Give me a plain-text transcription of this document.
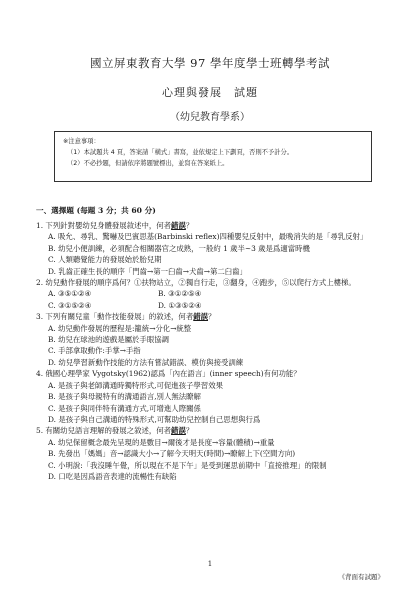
國立屏東教育大學 97 學年度學士班轉學考試
心理與發展　試題
（幼兒教育學系）
※注意事項：
（1）本試題共 4 頁，答案請「橫式」書寫，並依規定上下劃頁，否則不予計分。
（2）不必抄題，但請依序將題號標出，並寫在答案紙上。
一、選擇題 (每題 3 分；共 60 分)
1. 下列針對嬰幼兒身體發展敘述中，何者錯誤？
A. 吸允、尋乳、驚嚇及巴賓思基(Barbinski reflex)四種嬰兒反射中，最晚消失的是「尋乳反射」
B. 幼兒小便訓練，必須配合相關器官之成熟，一般約 1 歲半~3 歲是爲適當時機
C. 人類聽覺能力的發展始於胎兒期
D. 乳齒正確生長的順序「門齒→第一臼齒→犬齒→第二臼齒」
2. 幼兒動作發展的順序爲何？①扶物站立，②獨自行走，③翻身，④跑步，⑤以爬行方式上樓梯。
A. ③⑤①②④	B. ③①②⑤④
C. ③①⑤②④	D. ①③⑤②④
3. 下列有關兒童「動作技能發展」的敘述，何者錯誤？
A. 幼兒動作發展的歷程是:籠統→分化→統整
B. 幼兒在球池的遊戲是屬於手眼協調
C. 手部拿取動作:手掌→手指
D. 幼兒學習新動作技能的方法有嘗試錯誤、模仿與接受訓練
4. 俄國心理學家 Vygotsky(1962)認爲「內在語言」(inner speech)有何功能？
A. 是孩子與老師溝通時獨特形式,可促進孩子學習效果
B. 是孩子與母親特有的溝通語言,別人無法瞭解
C. 是孩子與同伴特有溝通方式,可增進人際關係
D. 是孩子與自己溝通的特殊形式,可幫助幼兒控制自己思想與行爲
5. 有關幼兒語言理解的發展之敘述，何者錯誤？
A. 幼兒保留概念最先呈現的是數目→爾後才是長度→容量(體積)→重量
B. 先發出「媽媽」音→認識大小→了解今天明天(時間)→瞭解上下(空間方向)
C. 小明說:「我沒睡午覺，所以現在不是下午」是受到運思前期中「直接推理」的限制
D. 口吃是因爲語音表達的流暢性有缺陷
1
《背面有試題》
